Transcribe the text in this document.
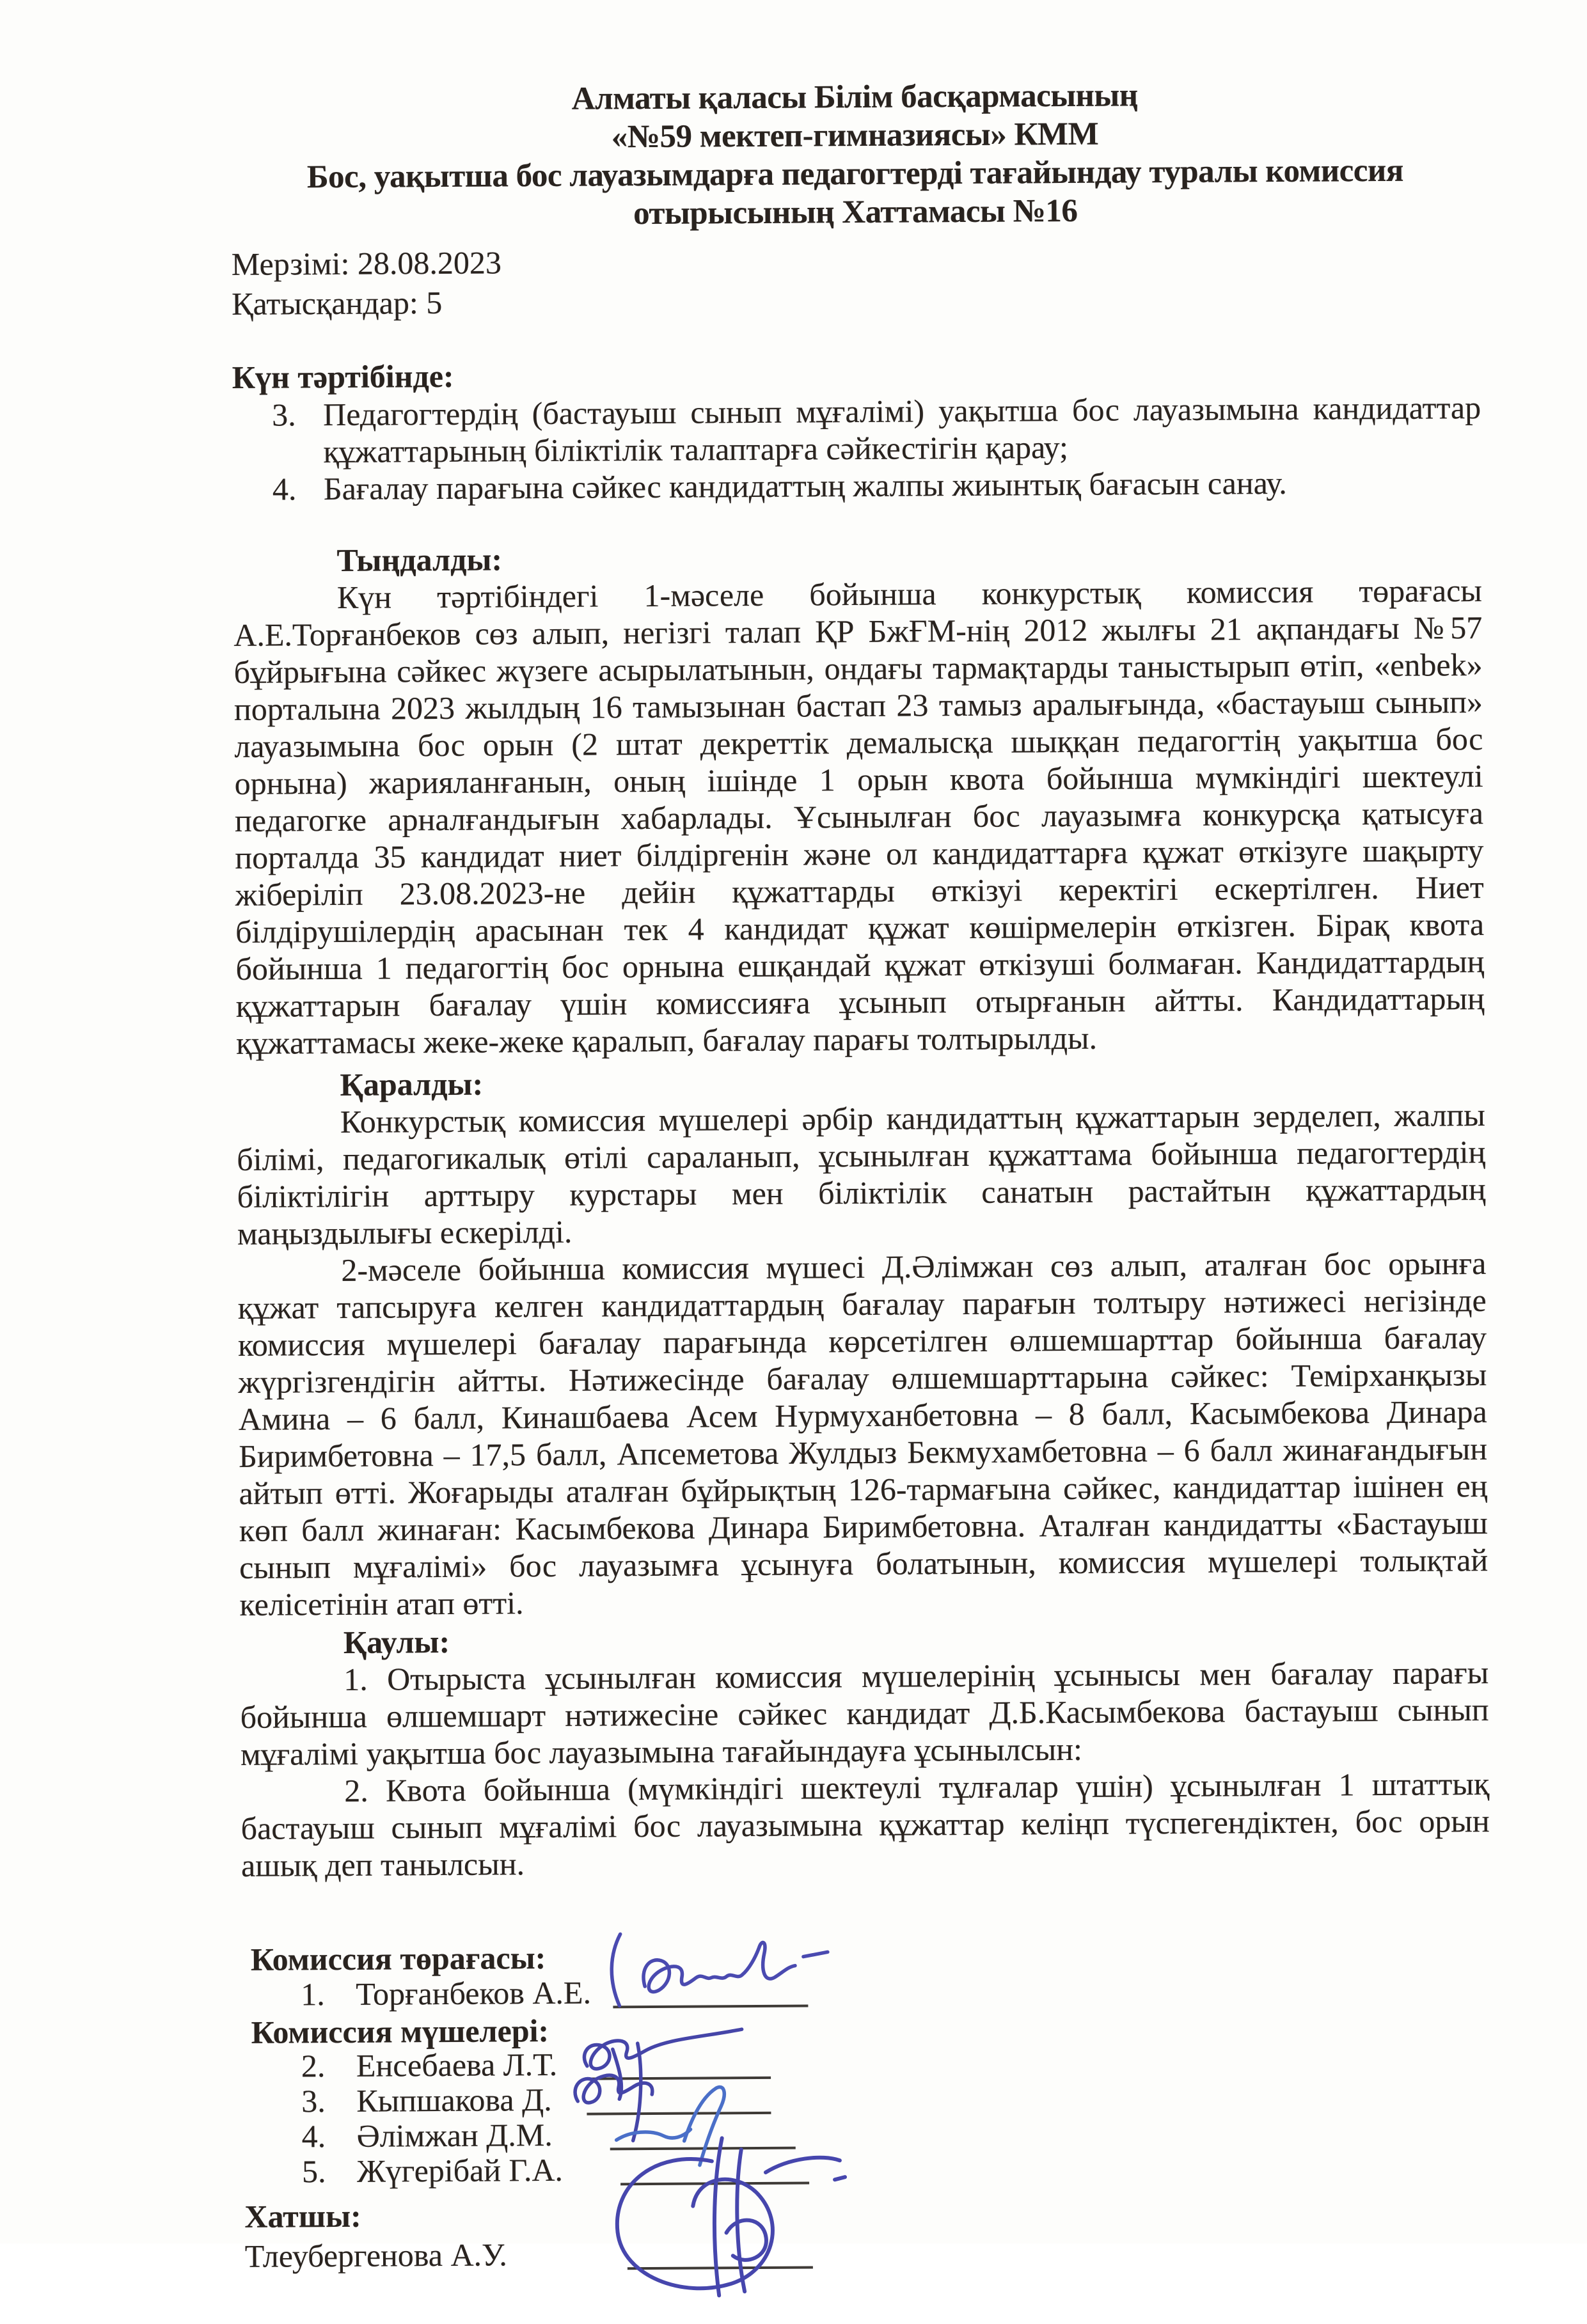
Алматы қаласы Білім басқармасының
«№59 мектеп-гимназиясы» КММ
Бос, уақытша бос лауазымдарға педагогтерді тағайындау туралы комиссия
отырысының Хаттамасы №16
Мерзімі: 28.08.2023
Қатысқандар: 5
Күн тәртібінде:
3. Педагогтердің (бастауыш сынып мұғалімі) уақытша бос лауазымына кандидаттар құжаттарының біліктілік талаптарға сәйкестігін қарау;
4. Бағалау парағына сәйкес кандидаттың жалпы жиынтық бағасын санау.
Тыңдалды:

Күн тәртібіндегі 1-мәселе бойынша конкурстық комиссия төрағасы А.Е.Торғанбеков сөз алып, негізгі талап ҚР БжҒМ-нің 2012 жылғы 21 ақпандағы №57 бұйрығына сәйкес жүзеге асырылатынын, ондағы тармақтарды таныстырып өтіп, «enbek» порталына 2023 жылдың 16 тамызынан бастап 23 тамыз аралығында, «бастауыш сынып» лауазымына бос орын (2 штат декреттік демалысқа шыққан педагогтің уақытша бос орнына) жарияланғанын, оның ішінде 1 орын квота бойынша мүмкіндігі шектеулі педагогке арналғандығын хабарлады. Ұсынылған бос лауазымға конкурсқа қатысуға порталда 35 кандидат ниет білдіргенін және ол кандидаттарға құжат өткізуге шақырту жіберіліп 23.08.2023-не дейін құжаттарды өткізуі керектігі ескертілген. Ниет білдірушілердің арасынан тек 4 кандидат құжат көшірмелерін өткізген. Бірақ квота бойынша 1 педагогтің бос орнына ешқандай құжат өткізуші болмаған. Кандидаттардың құжаттарын бағалау үшін комиссияға ұсынып отырғанын айтты. Кандидаттарың құжаттамасы жеке-жеке қаралып, бағалау парағы толтырылды.

Қаралды:

Конкурстық комиссия мүшелері әрбір кандидаттың құжаттарын зерделеп, жалпы білімі, педагогикалық өтілі сараланып, ұсынылған құжаттама бойынша педагогтердің біліктілігін арттыру курстары мен біліктілік санатын растайтын құжаттардың маңыздылығы ескерілді.

2-мәселе бойынша комиссия мүшесі Д.Әлімжан сөз алып, аталған бос орынға құжат тапсыруға келген кандидаттардың бағалау парағын толтыру нәтижесі негізінде комиссия мүшелері бағалау парағында көрсетілген өлшемшарттар бойынша бағалау жүргізгендігін айтты. Нәтижесінде бағалау өлшемшарттарына сәйкес: Темірханқызы Амина – 6 балл, Кинашбаева Асем Нурмуханбетовна – 8 балл, Касымбекова Динара Биримбетовна – 17,5 балл, Апсеметова Жулдыз Бекмухамбетовна – 6 балл жинағандығын айтып өтті. Жоғарыды аталған бұйрықтың 126-тармағына сәйкес, кандидаттар ішінен ең көп балл жинаған: Касымбекова Динара Биримбетовна. Аталған кандидатты «Бастауыш сынып мұғалімі» бос лауазымға ұсынуға болатынын, комиссия мүшелері толықтай келісетінін атап өтті.

Қаулы:

1. Отырыста ұсынылған комиссия мүшелерінің ұсынысы мен бағалау парағы бойынша өлшемшарт нәтижесіне сәйкес кандидат Д.Б.Касымбекова бастауыш сынып мұғалімі уақытша бос лауазымына тағайындауға ұсынылсын:

2. Квота бойынша (мүмкіндігі шектеулі тұлғалар үшін) ұсынылған 1 штаттық бастауыш сынып мұғалімі бос лауазымына құжаттар келіңп түспегендіктен, бос орын ашық деп танылсын.

Комиссия төрағасы:
1. Торғанбеков А.Е.
Комиссия мүшелері:
2. Енсебаева Л.Т.
3. Кыпшакова Д.
4. Әлімжан Д.М.
5. Жүгерібай Г.А.
Хатшы:
Тлеубергенова А.У.
